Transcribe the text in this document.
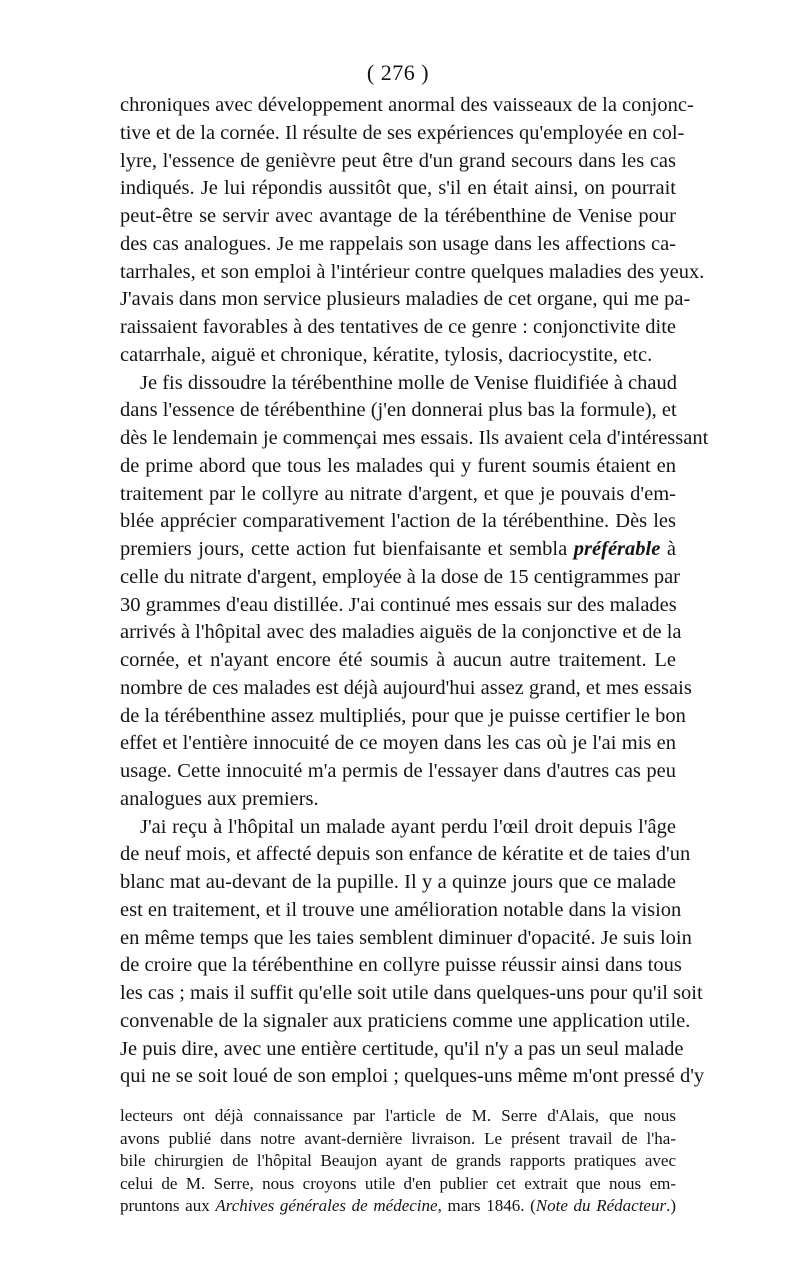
( 276 )

chroniques avec développement anormal des vaisseaux de la conjonc-
tive et de la cornée. Il résulte de ses expériences qu'employée en col-
lyre, l'essence de genièvre peut être d'un grand secours dans les cas
indiqués. Je lui répondis aussitôt que, s'il en était ainsi, on pourrait
peut-être se servir avec avantage de la térébenthine de Venise pour
des cas analogues. Je me rappelais son usage dans les affections ca-
tarrhales, et son emploi à l'intérieur contre quelques maladies des yeux.
J'avais dans mon service plusieurs maladies de cet organe, qui me pa-
raissaient favorables à des tentatives de ce genre : conjonctivite dite
catarrhale, aiguë et chronique, kératite, tylosis, dacriocystite, etc.

Je fis dissoudre la térébenthine molle de Venise fluidifiée à chaud
dans l'essence de térébenthine (j'en donnerai plus bas la formule), et
dès le lendemain je commençai mes essais. Ils avaient cela d'intéressant
de prime abord que tous les malades qui y furent soumis étaient en
traitement par le collyre au nitrate d'argent, et que je pouvais d'em-
blée apprécier comparativement l'action de la térébenthine. Dès les
premiers jours, cette action fut bienfaisante et sembla préférable à
celle du nitrate d'argent, employée à la dose de 15 centigrammes par
30 grammes d'eau distillée. J'ai continué mes essais sur des malades
arrivés à l'hôpital avec des maladies aiguës de la conjonctive et de la
cornée, et n'ayant encore été soumis à aucun autre traitement. Le
nombre de ces malades est déjà aujourd'hui assez grand, et mes essais
de la térébenthine assez multipliés, pour que je puisse certifier le bon
effet et l'entière innocuité de ce moyen dans les cas où je l'ai mis en
usage. Cette innocuité m'a permis de l'essayer dans d'autres cas peu
analogues aux premiers.

J'ai reçu à l'hôpital un malade ayant perdu l'œil droit depuis l'âge
de neuf mois, et affecté depuis son enfance de kératite et de taies d'un
blanc mat au-devant de la pupille. Il y a quinze jours que ce malade
est en traitement, et il trouve une amélioration notable dans la vision
en même temps que les taies semblent diminuer d'opacité. Je suis loin
de croire que la térébenthine en collyre puisse réussir ainsi dans tous
les cas ; mais il suffit qu'elle soit utile dans quelques-uns pour qu'il soit
convenable de la signaler aux praticiens comme une application utile.
Je puis dire, avec une entière certitude, qu'il n'y a pas un seul malade
qui ne se soit loué de son emploi ; quelques-uns même m'ont pressé d'y

lecteurs ont déjà connaissance par l'article de M. Serre d'Alais, que nous
avons publié dans notre avant-dernière livraison. Le présent travail de l'ha-
bile chirurgien de l'hôpital Beaujon ayant de grands rapports pratiques avec
celui de M. Serre, nous croyons utile d'en publier cet extrait que nous em-
pruntons aux Archives générales de médecine, mars 1846. (Note du Rédacteur.)
